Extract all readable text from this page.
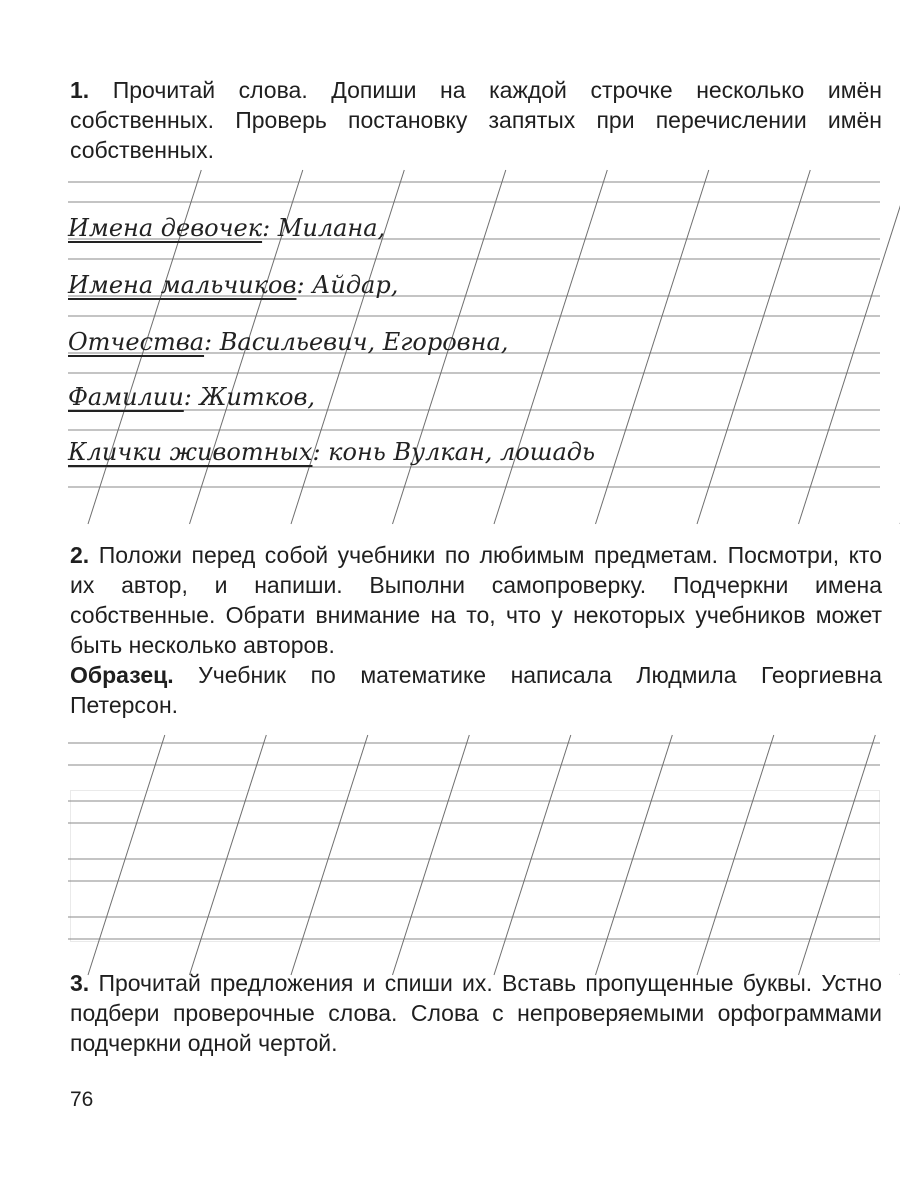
1. Прочитай слова. Допиши на каждой строчке несколько имён собственных. Проверь постановку запятых при перечислении имён собственных.
Имена девочек: Милана,
Имена мальчиков: Айдар,
Отчества: Васильевич, Егоровна,
Фамилии: Житков,
Клички животных: конь Вулкан, лошадь
2. Положи перед собой учебники по любимым предметам. Посмотри, кто их автор, и напиши. Выполни самопроверку. Подчеркни имена собственные. Обрати внимание на то, что у некоторых учебников может быть несколько авторов.
Образец. Учебник по математике написала Людмила Георгиевна Петерсон.
3. Прочитай предложения и спиши их. Вставь пропущенные буквы. Устно подбери проверочные слова. Слова с непроверяемыми орфограммами подчеркни одной чертой.
76
